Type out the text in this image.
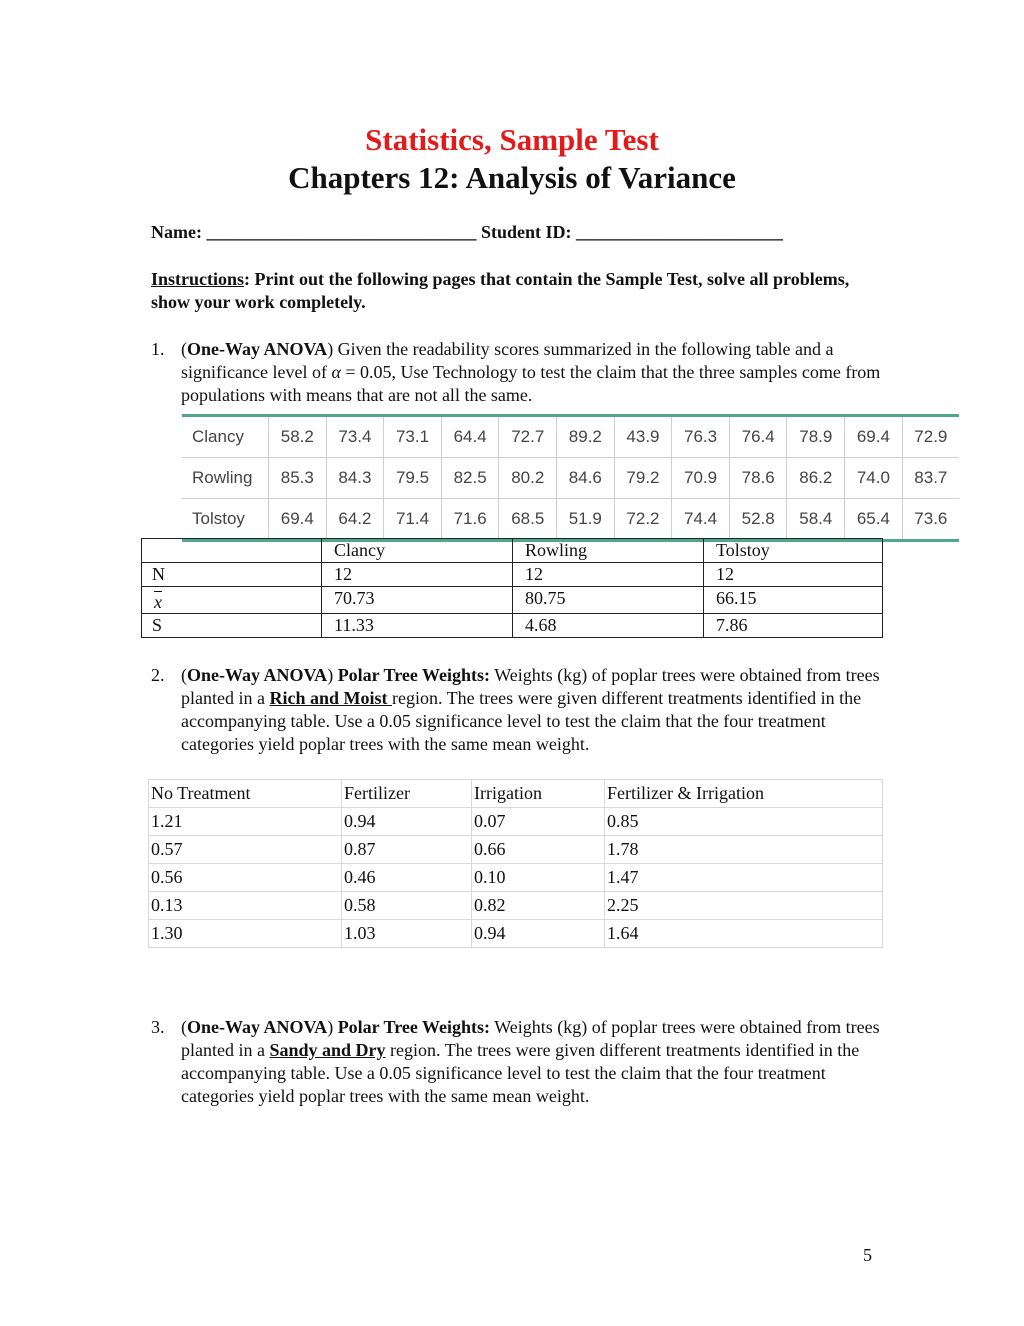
Statistics, Sample Test
Chapters 12: Analysis of Variance
Name: ______________________________ Student ID: _______________________
Instructions: Print out the following pages that contain the Sample Test, solve all problems, show your work completely.
1. (One-Way ANOVA) Given the readability scores summarized in the following table and a significance level of α = 0.05, Use Technology to test the claim that the three samples come from populations with means that are not all the same.
Clancy	58.2	73.4	73.1	64.4	72.7	89.2	43.9	76.3	76.4	78.9	69.4	72.9
Rowling	85.3	84.3	79.5	82.5	80.2	84.6	79.2	70.9	78.6	86.2	74.0	83.7
Tolstoy	69.4	64.2	71.4	71.6	68.5	51.9	72.2	74.4	52.8	58.4	65.4	73.6
	Clancy	Rowling	Tolstoy
N	12	12	12
$\overline{x}$	70.73	80.75	66.15
S	11.33	4.68	7.86
2. (One-Way ANOVA) Polar Tree Weights: Weights (kg) of poplar trees were obtained from trees planted in a Rich and Moist region. The trees were given different treatments identified in the accompanying table. Use a 0.05 significance level to test the claim that the four treatment categories yield poplar trees with the same mean weight.
No Treatment	Fertilizer	Irrigation	Fertilizer & Irrigation
1.21	0.94	0.07	0.85
0.57	0.87	0.66	1.78
0.56	0.46	0.10	1.47
0.13	0.58	0.82	2.25
1.30	1.03	0.94	1.64
3. (One-Way ANOVA) Polar Tree Weights: Weights (kg) of poplar trees were obtained from trees planted in a Sandy and Dry region. The trees were given different treatments identified in the accompanying table. Use a 0.05 significance level to test the claim that the four treatment categories yield poplar trees with the same mean weight.
5
